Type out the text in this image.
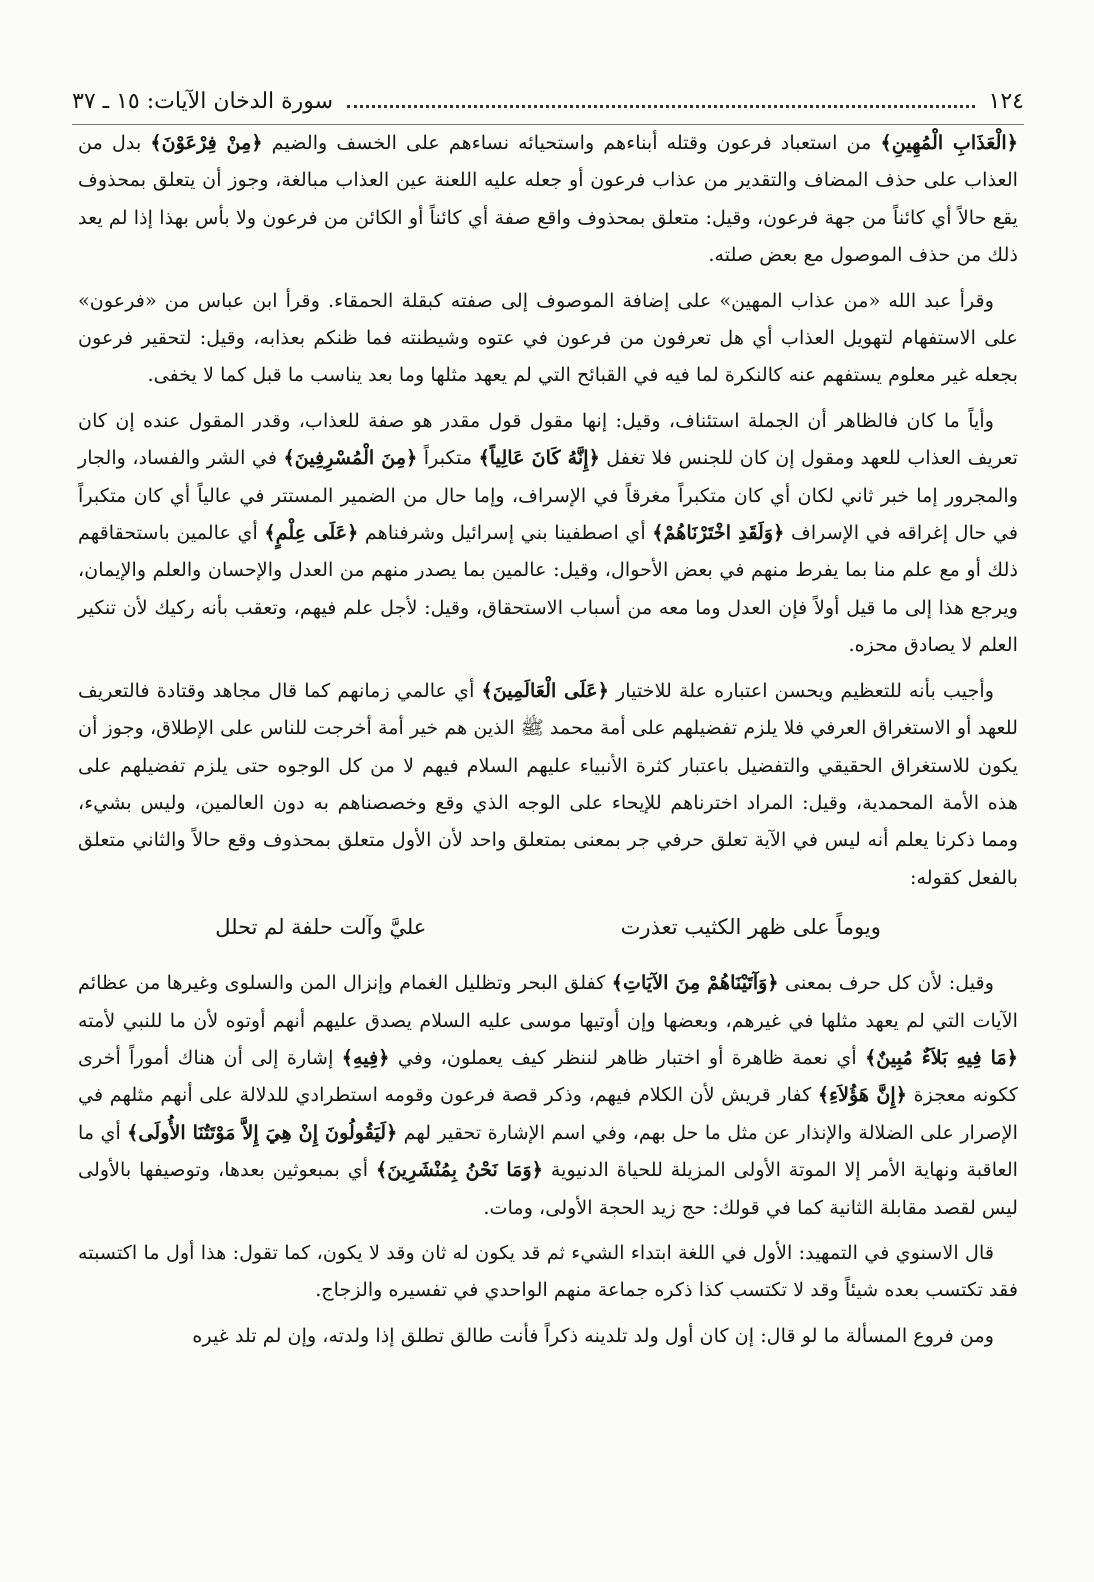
١٢٤
سورة الدخان الآيات: ١٥ ـ ٣٧

﴿الْعَذَابِ الْمُهِينِ﴾ من استعباد فرعون وقتله أبناءهم واستحيائه نساءهم على الخسف والضيم ﴿مِنْ فِرْعَوْنَ﴾ بدل من العذاب على حذف المضاف والتقدير من عذاب فرعون أو جعله عليه اللعنة عين العذاب مبالغة، وجوز أن يتعلق بمحذوف يقع حالاً أي كائناً من جهة فرعون، وقيل: متعلق بمحذوف واقع صفة أي كائناً أو الكائن من فرعون ولا بأس بهذا إذا لم يعد ذلك من حذف الموصول مع بعض صلته.

وقرأ عبد الله «من عذاب المهين» على إضافة الموصوف إلى صفته كبقلة الحمقاء. وقرأ ابن عباس من «فرعون» على الاستفهام لتهويل العذاب أي هل تعرفون من فرعون في عتوه وشيطنته فما ظنكم بعذابه، وقيل: لتحقير فرعون بجعله غير معلوم يستفهم عنه كالنكرة لما فيه في القبائح التي لم يعهد مثلها وما بعد يناسب ما قبل كما لا يخفى.

وأياً ما كان فالظاهر أن الجملة استئناف، وقيل: إنها مقول قول مقدر هو صفة للعذاب، وقدر المقول عنده إن كان تعريف العذاب للعهد ومقول إن كان للجنس فلا تغفل ﴿إِنَّهُ كَانَ عَالِياً﴾ متكبراً ﴿مِنَ الْمُسْرِفِينَ﴾ في الشر والفساد، والجار والمجرور إما خبر ثاني لكان أي كان متكبراً مغرقاً في الإسراف، وإما حال من الضمير المستتر في عالياً أي كان متكبراً في حال إغراقه في الإسراف ﴿وَلَقَدِ اخْتَرْنَاهُمْ﴾ أي اصطفينا بني إسرائيل وشرفناهم ﴿عَلَى عِلْمٍ﴾ أي عالمين باستحقاقهم ذلك أو مع علم منا بما يفرط منهم في بعض الأحوال، وقيل: عالمين بما يصدر منهم من العدل والإحسان والعلم والإيمان، ويرجع هذا إلى ما قيل أولاً فإن العدل وما معه من أسباب الاستحقاق، وقيل: لأجل علم فيهم، وتعقب بأنه ركيك لأن تنكير العلم لا يصادق محزه.

وأجيب بأنه للتعظيم ويحسن اعتباره علة للاختيار ﴿عَلَى الْعَالَمِينَ﴾ أي عالمي زمانهم كما قال مجاهد وقتادة فالتعريف للعهد أو الاستغراق العرفي فلا يلزم تفضيلهم على أمة محمد ﷺ الذين هم خير أمة أخرجت للناس على الإطلاق، وجوز أن يكون للاستغراق الحقيقي والتفضيل باعتبار كثرة الأنبياء عليهم السلام فيهم لا من كل الوجوه حتى يلزم تفضيلهم على هذه الأمة المحمدية، وقيل: المراد اخترناهم للإيحاء على الوجه الذي وقع وخصصناهم به دون العالمين، وليس بشيء، ومما ذكرنا يعلم أنه ليس في الآية تعلق حرفي جر بمعنى بمتعلق واحد لأن الأول متعلق بمحذوف وقع حالاً والثاني متعلق بالفعل كقوله:

ويوماً على ظهر الكثيب تعذرت
عليَّ وآلت حلفة لم تحلل

وقيل: لأن كل حرف بمعنى ﴿وَآتَيْنَاهُمْ مِنَ الآيَاتِ﴾ كفلق البحر وتظليل الغمام وإنزال المن والسلوى وغيرها من عظائم الآيات التي لم يعهد مثلها في غيرهم، وبعضها وإن أوتيها موسى عليه السلام يصدق عليهم أنهم أوتوه لأن ما للنبي لأمته ﴿مَا فِيهِ بَلاَءٌ مُبِينٌ﴾ أي نعمة ظاهرة أو اختبار ظاهر لننظر كيف يعملون، وفي ﴿فِيهِ﴾ إشارة إلى أن هناك أموراً أخرى ككونه معجزة ﴿إِنَّ هَؤُلاَءِ﴾ كفار قريش لأن الكلام فيهم، وذكر قصة فرعون وقومه استطرادي للدلالة على أنهم مثلهم في الإصرار على الضلالة والإنذار عن مثل ما حل بهم، وفي اسم الإشارة تحقير لهم ﴿لَيَقُولُونَ إِنْ هِيَ إِلاَّ مَوْتَتُنَا الأُولَى﴾ أي ما العاقبة ونهاية الأمر إلا الموتة الأولى المزيلة للحياة الدنيوية ﴿وَمَا نَحْنُ بِمُنْشَرِينَ﴾ أي بمبعوثين بعدها، وتوصيفها بالأولى ليس لقصد مقابلة الثانية كما في قولك: حج زيد الحجة الأولى، ومات.

قال الاسنوي في التمهيد: الأول في اللغة ابتداء الشيء ثم قد يكون له ثان وقد لا يكون، كما تقول: هذا أول ما اكتسبته فقد تكتسب بعده شيئاً وقد لا تكتسب كذا ذكره جماعة منهم الواحدي في تفسيره والزجاج.

ومن فروع المسألة ما لو قال: إن كان أول ولد تلدينه ذكراً فأنت طالق تطلق إذا ولدته، وإن لم تلد غيره
